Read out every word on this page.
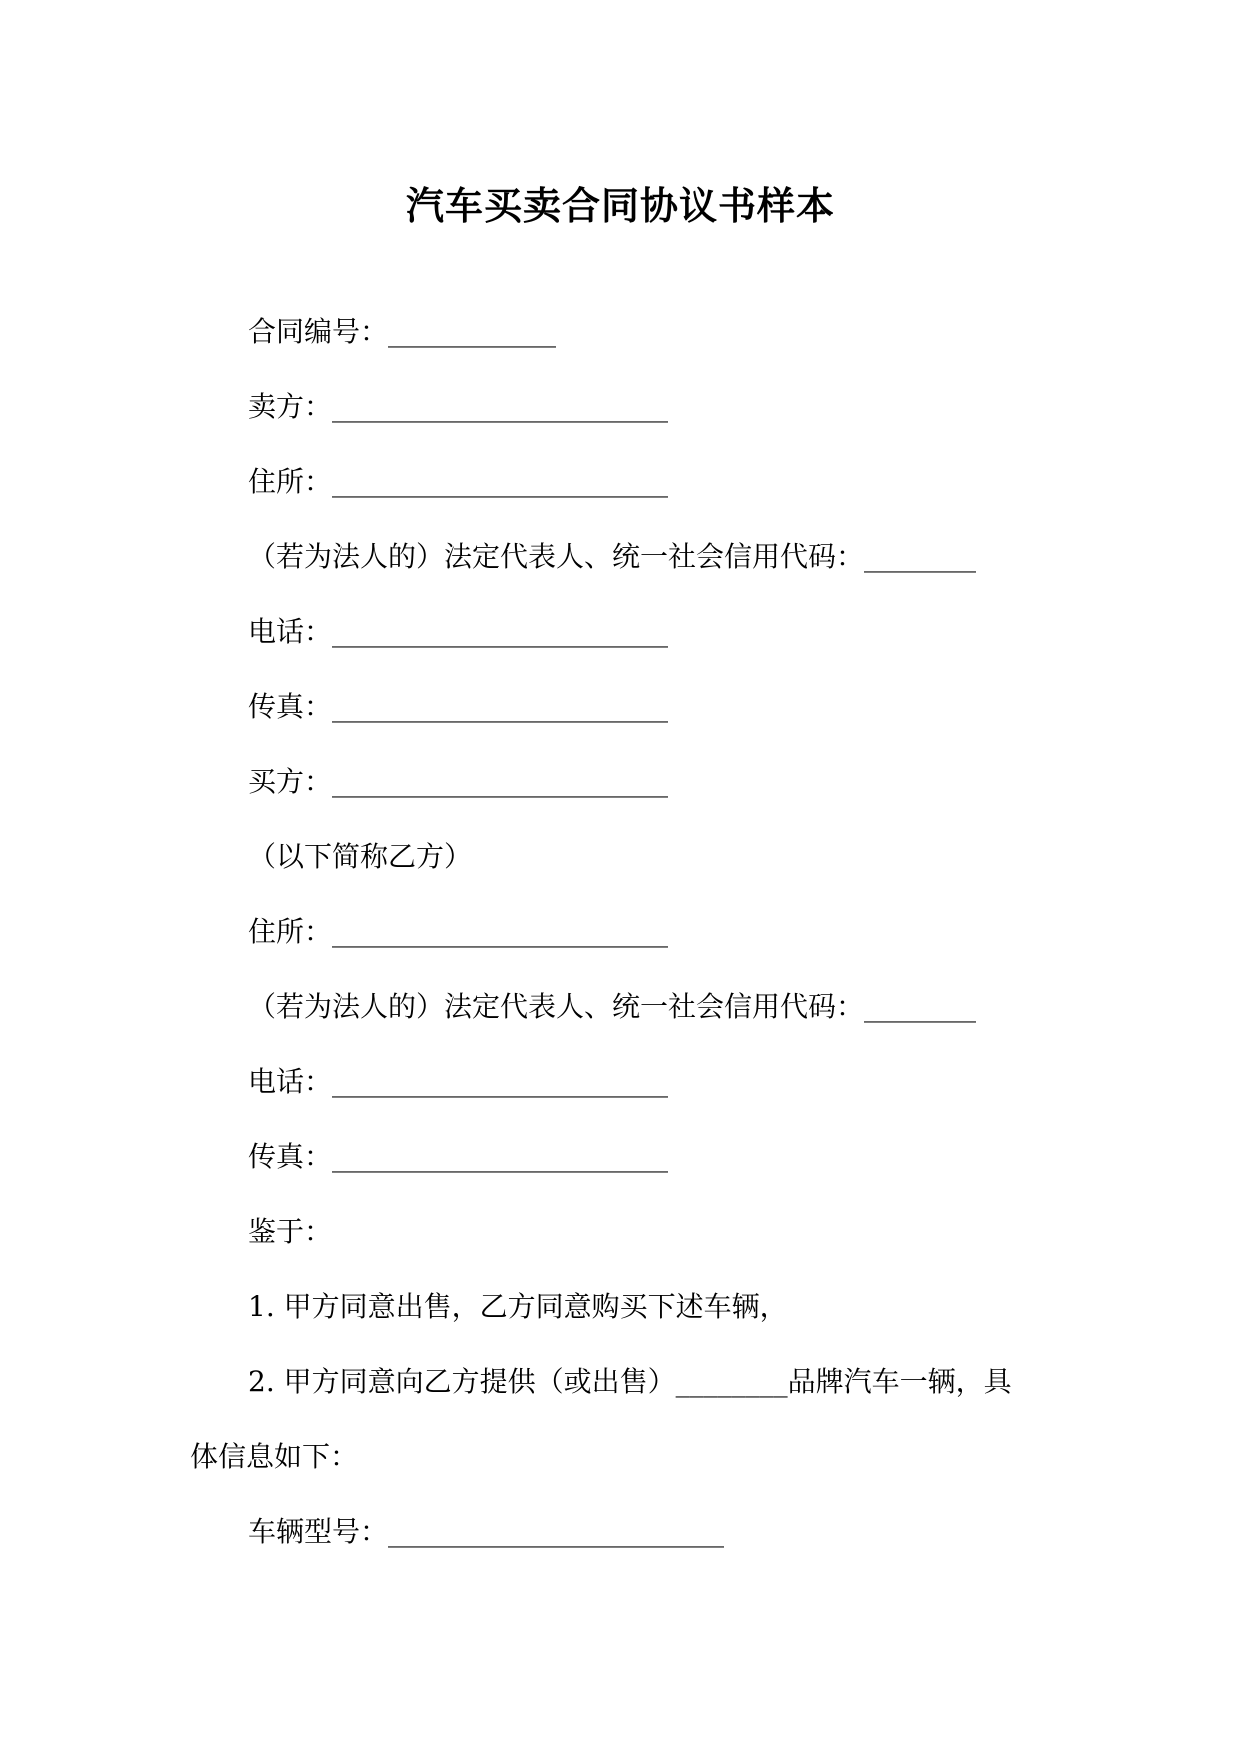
汽车买卖合同协议书样本

合同编号：____________

卖方：________________________

住所：________________________

（若为法人的）法定代表人、统一社会信用代码：________

电话：________________________

传真：________________________

买方：________________________

（以下简称乙方）

住所：________________________

（若为法人的）法定代表人、统一社会信用代码：________

电话：________________________

传真：________________________

鉴于：

1. 甲方同意出售，乙方同意购买下述车辆，

2. 甲方同意向乙方提供（或出售）________品牌汽车一辆，具

体信息如下：

车辆型号：________________________
